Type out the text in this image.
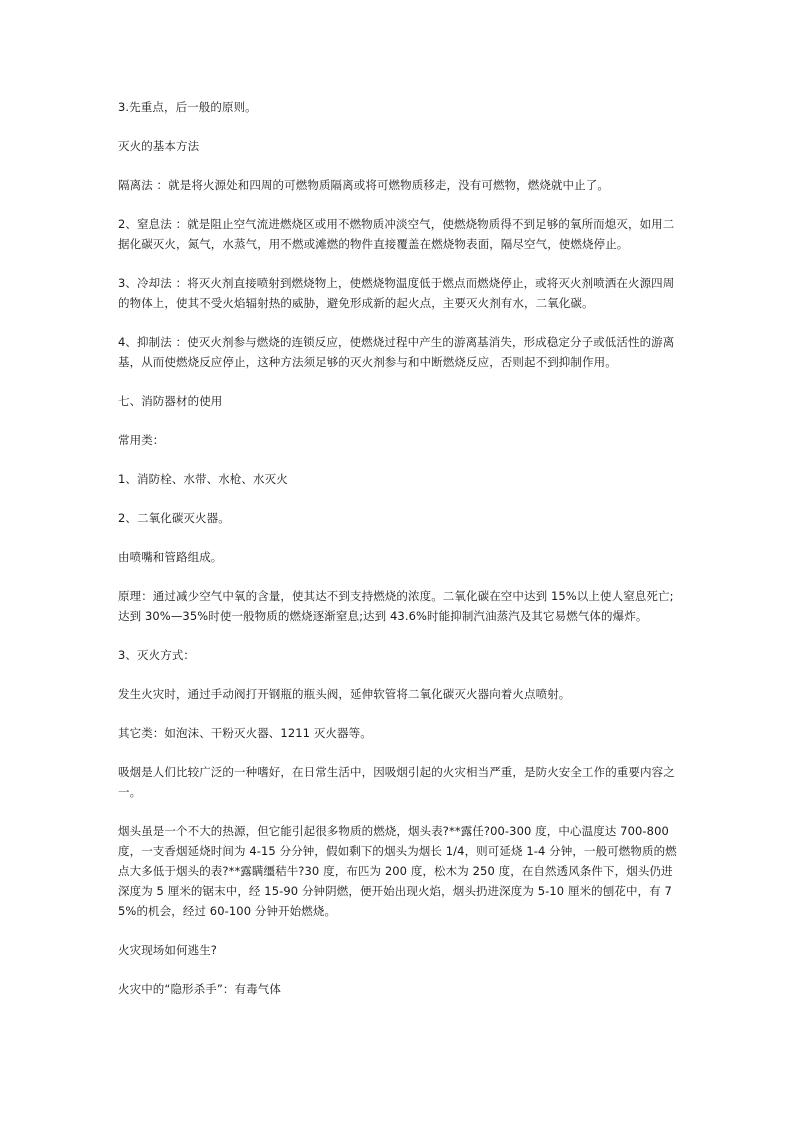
3.先重点，后一般的原则。

灭火的基本方法

隔离法 ：就是将火源处和四周的可燃物质隔离或将可燃物质移走，没有可燃物，燃烧就中止了。

2、窒息法 ：就是阻止空气流进燃烧区或用不燃物质冲淡空气，使燃烧物质得不到足够的氧所而熄灭，如用二据化碳灭火，氮气，水蒸气，用不燃或滩燃的物件直接覆盖在燃烧物表面，隔尽空气，使燃烧停止。

3、冷却法 ：将灭火剂直接喷射到燃烧物上，使燃烧物温度低于燃点而燃烧停止，或将灭火剂喷洒在火源四周的物体上，使其不受火焰辐射热的威胁，避免形成新的起火点，主要灭火剂有水，二氧化碳。

4、抑制法 ：使灭火剂参与燃烧的连锁反应，使燃烧过程中产生的游离基消失，形成稳定分子或低活性的游离基，从而使燃烧反应停止，这种方法须足够的灭火剂参与和中断燃烧反应，否则起不到抑制作用。

七、消防器材的使用

常用类：

1、消防栓、水带、水枪、水灭火

2、二氧化碳灭火器。

由喷嘴和管路组成。

原理：通过减少空气中氧的含量，使其达不到支持燃烧的浓度。二氧化碳在空中达到 15%以上使人窒息死亡;达到 30%—35%时使一般物质的燃烧逐渐窒息;达到 43.6%时能抑制汽油蒸汽及其它易燃气体的爆炸。

3、灭火方式：

发生火灾时，通过手动阀打开钢瓶的瓶头阀，延伸软管将二氧化碳灭火器向着火点喷射。

其它类：如泡沫、干粉灭火器、1211 灭火器等。

吸烟是人们比较广泛的一种嗜好，在日常生活中，因吸烟引起的火灾相当严重，是防火安全工作的重要内容之一。

烟头虽是一个不大的热源，但它能引起很多物质的燃烧，烟头表?**露任?00-300 度，中心温度达 700-800 度，一支香烟延烧时间为 4-15 分分钟，假如剩下的烟头为烟长 1/4，则可延烧 1-4 分钟，一般可燃物质的燃点大多低于烟头的表?**露瞒缰秸牛?30 度，布匹为 200 度，松木为 250 度，在自然透风条件下，烟头仍进深度为 5 厘米的锯末中，经 15-90 分钟阴燃，便开始出现火焰，烟头扔进深度为 5-10 厘米的刨花中，有 75%的机会，经过 60-100 分钟开始燃烧。

火灾现场如何逃生?

火灾中的“隐形杀手”：有毒气体
